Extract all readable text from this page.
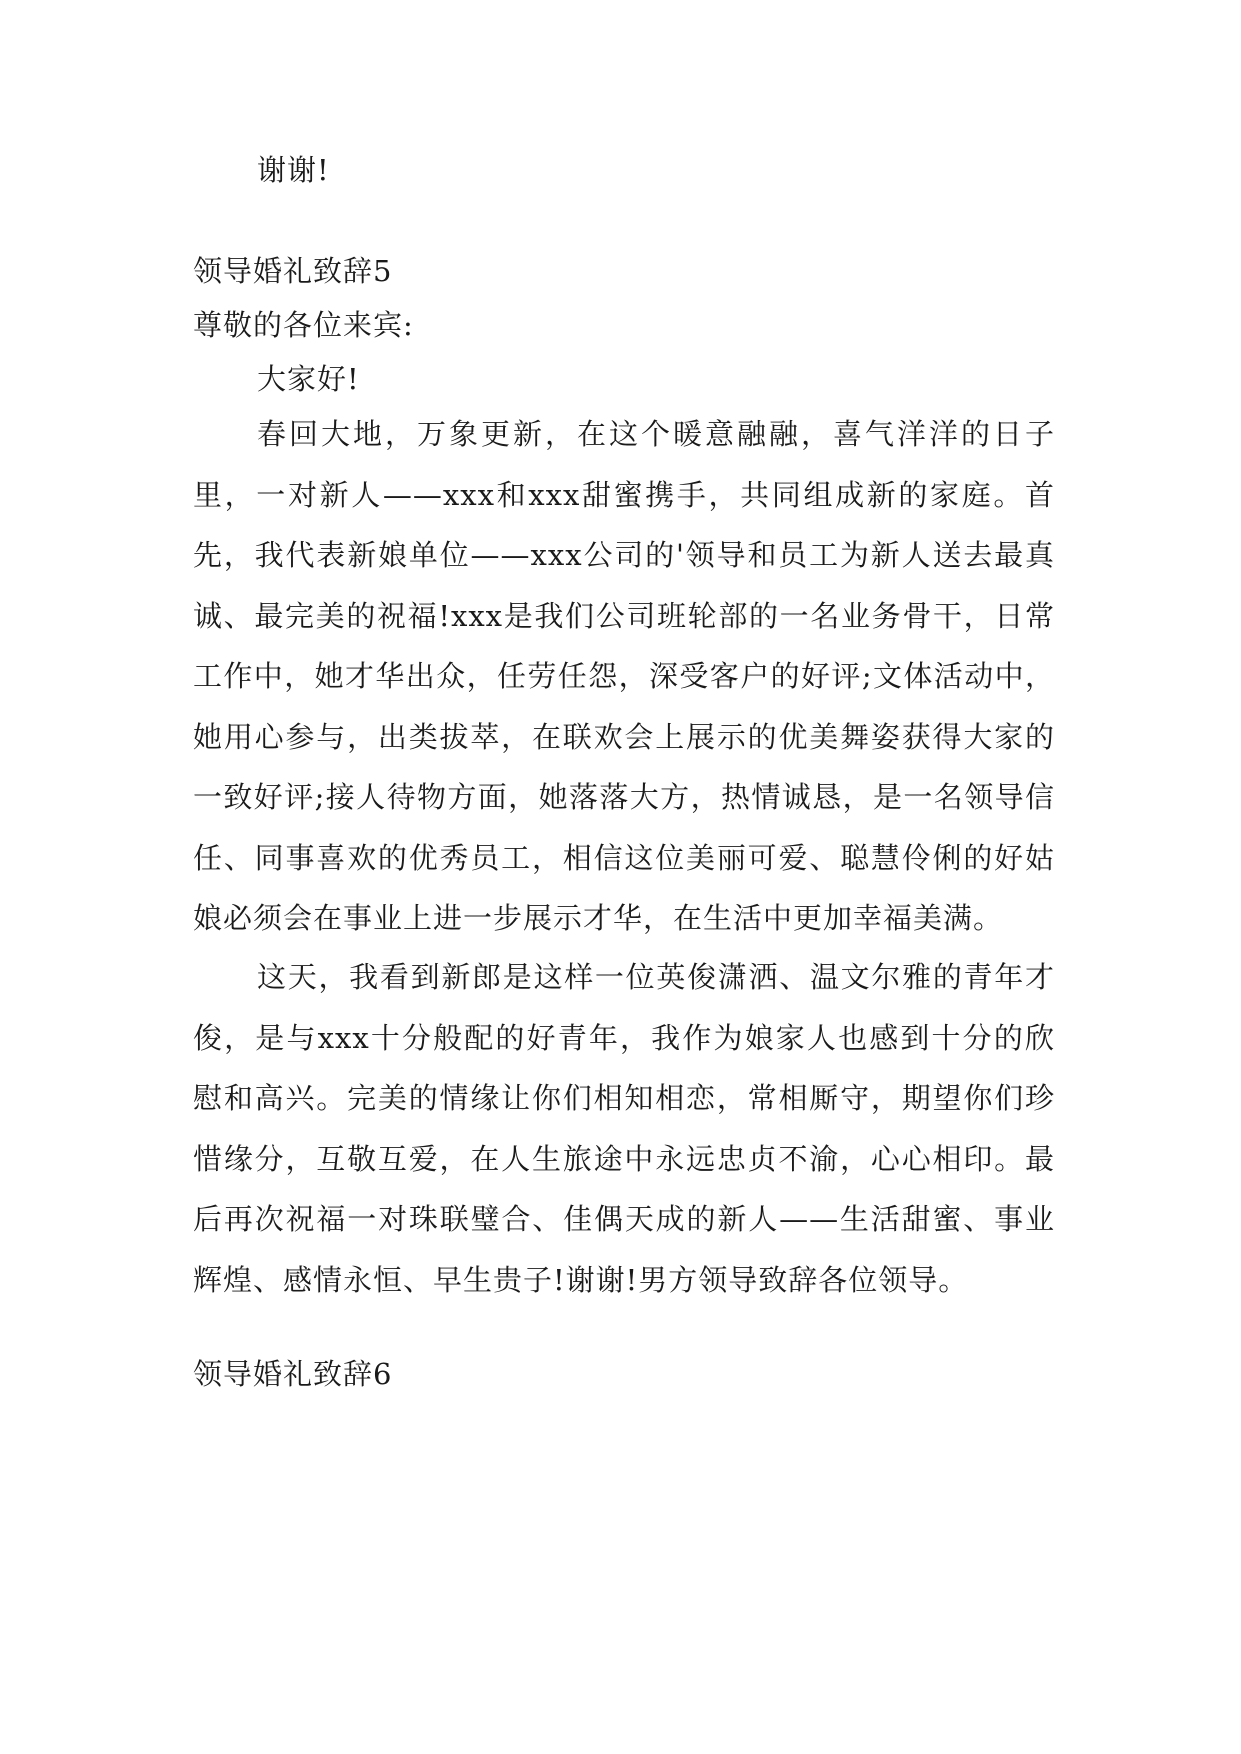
谢谢!
领导婚礼致辞5
尊敬的各位来宾:
大家好!
春回大地，万象更新，在这个暖意融融，喜气洋洋的日子里，一对新人——xxx和xxx甜蜜携手，共同组成新的家庭。首先，我代表新娘单位——xxx公司的'领导和员工为新人送去最真诚、最完美的祝福!xxx是我们公司班轮部的一名业务骨干，日常工作中，她才华出众，任劳任怨，深受客户的好评;文体活动中，她用心参与，出类拔萃，在联欢会上展示的优美舞姿获得大家的一致好评;接人待物方面，她落落大方，热情诚恳，是一名领导信任、同事喜欢的优秀员工，相信这位美丽可爱、聪慧伶俐的好姑娘必须会在事业上进一步展示才华，在生活中更加幸福美满。
这天，我看到新郎是这样一位英俊潇洒、温文尔雅的青年才俊，是与xxx十分般配的好青年，我作为娘家人也感到十分的欣慰和高兴。完美的情缘让你们相知相恋，常相厮守，期望你们珍惜缘分，互敬互爱，在人生旅途中永远忠贞不渝，心心相印。最后再次祝福一对珠联璧合、佳偶天成的新人——生活甜蜜、事业辉煌、感情永恒、早生贵子!谢谢!男方领导致辞各位领导。
领导婚礼致辞6
